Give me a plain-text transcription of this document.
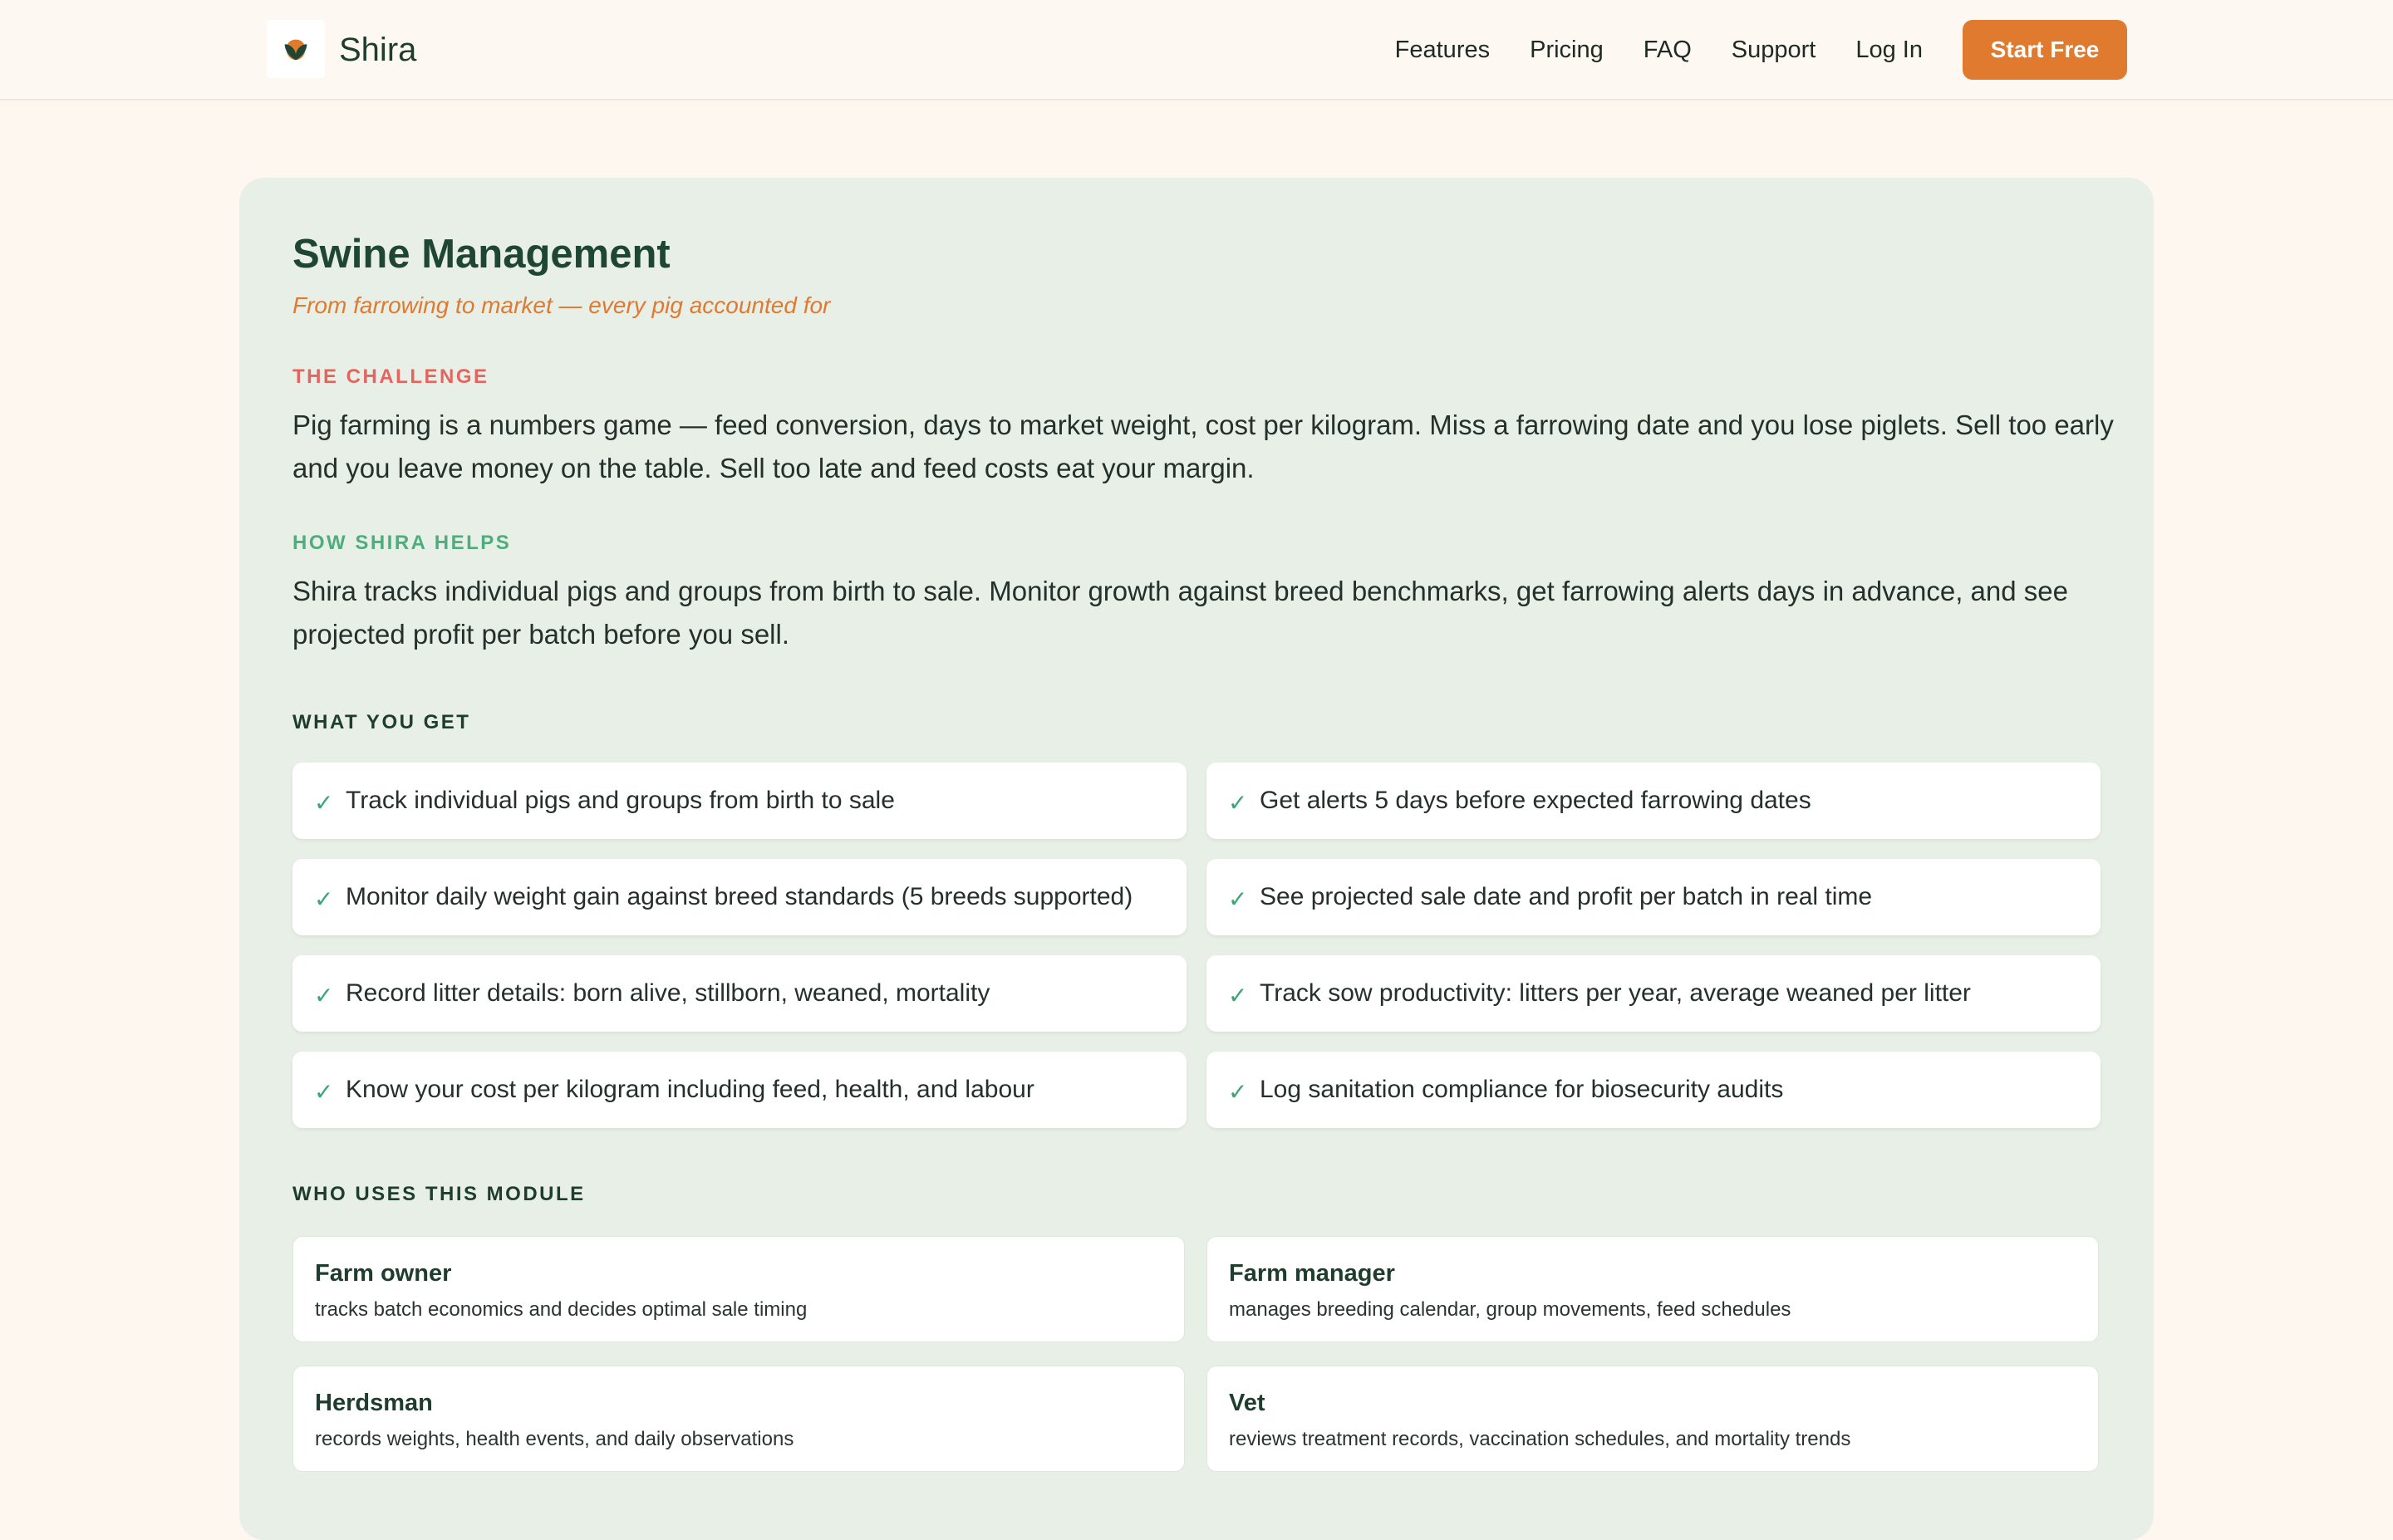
Shira	Features Pricing FAQ Support Log In	Start Free
Swine Management
From farrowing to market — every pig accounted for
THE CHALLENGE
Pig farming is a numbers game — feed conversion, days to market weight, cost per kilogram. Miss a farrowing date and you lose piglets. Sell too early and you leave money on the table. Sell too late and feed costs eat your margin.
HOW SHIRA HELPS
Shira tracks individual pigs and groups from birth to sale. Monitor growth against breed benchmarks, get farrowing alerts days in advance, and see projected profit per batch before you sell.
WHAT YOU GET
✓ Track individual pigs and groups from birth to sale	✓ Get alerts 5 days before expected farrowing dates
✓ Monitor daily weight gain against breed standards (5 breeds supported)	✓ See projected sale date and profit per batch in real time
✓ Record litter details: born alive, stillborn, weaned, mortality	✓ Track sow productivity: litters per year, average weaned per litter
✓ Know your cost per kilogram including feed, health, and labour	✓ Log sanitation compliance for biosecurity audits
WHO USES THIS MODULE
Farm owner
tracks batch economics and decides optimal sale timing
Farm manager
manages breeding calendar, group movements, feed schedules
Herdsman
records weights, health events, and daily observations
Vet
reviews treatment records, vaccination schedules, and mortality trends
